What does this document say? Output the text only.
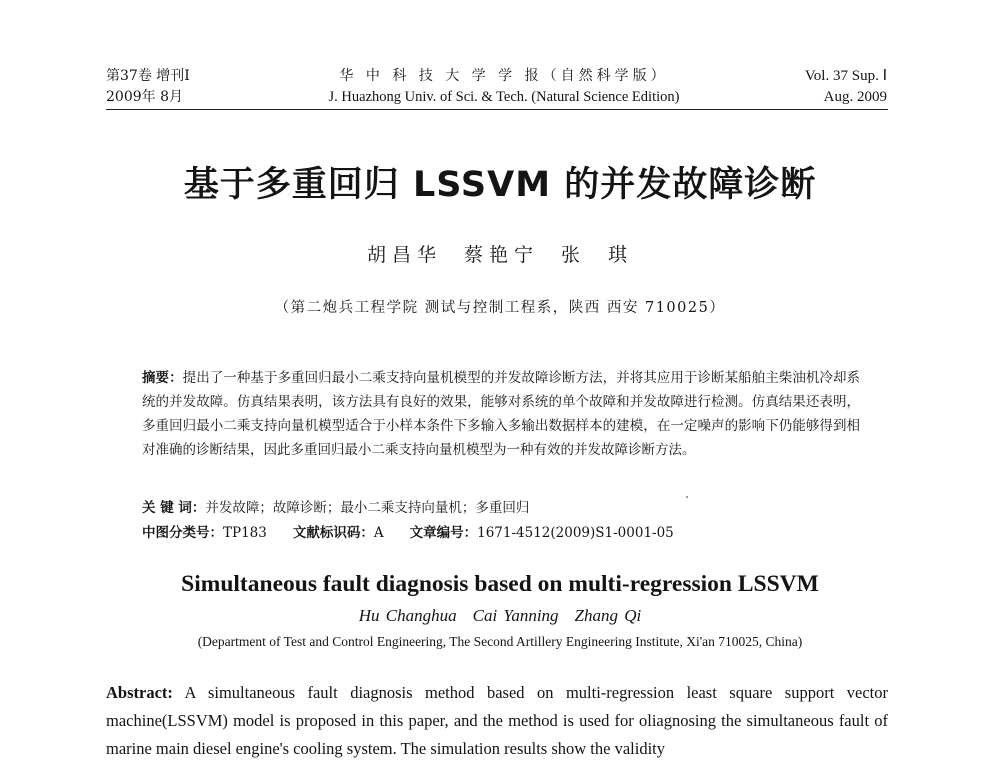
第37卷 增刊Ⅰ
2009年 8月
华 中 科 技 大 学 学 报（自然科学版）
J. Huazhong Univ. of Sci. & Tech. (Natural Science Edition)
Vol. 37 Sup. Ⅰ
Aug. 2009
基于多重回归 LSSVM 的并发故障诊断
胡昌华 蔡艳宁 张 琪
（第二炮兵工程学院 测试与控制工程系，陕西 西安 710025）
摘要：提出了一种基于多重回归最小二乘支持向量机模型的并发故障诊断方法，并将其应用于诊断某船舶主柴油机冷却系统的并发故障。仿真结果表明，该方法具有良好的效果，能够对系统的单个故障和并发故障进行检测。仿真结果还表明，多重回归最小二乘支持向量机模型适合于小样本条件下多输入多输出数据样本的建模，在一定噪声的影响下仍能够得到相对准确的诊断结果，因此多重回归最小二乘支持向量机模型为一种有效的并发故障诊断方法。
关 键 词：并发故障；故障诊断；最小二乘支持向量机；多重回归
中图分类号：TP183 文献标识码：A 文章编号：1671-4512(2009)S1-0001-05
Simultaneous fault diagnosis based on multi-regression LSSVM
Hu Changhua Cai Yanning Zhang Qi
(Department of Test and Control Engineering, The Second Artillery Engineering Institute, Xi'an 710025, China)
Abstract: A simultaneous fault diagnosis method based on multi-regression least square support vector machine(LSSVM) model is proposed in this paper, and the method is used for oliagnosing the simultaneous fault of marine main diesel engine's cooling system. The simulation results show the validity
